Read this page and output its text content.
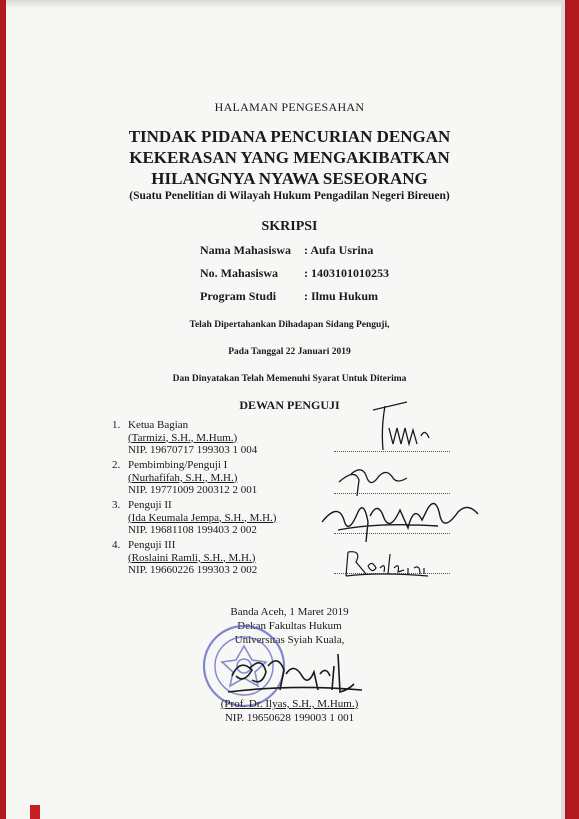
HALAMAN PENGESAHAN
TINDAK PIDANA PENCURIAN DENGAN
KEKERASAN YANG MENGAKIBATKAN
HILANGNYA NYAWA SESEORANG
(Suatu Penelitian di Wilayah Hukum Pengadilan Negeri Bireuen)
SKRIPSI
Nama Mahasiswa : Aufa Usrina
No. Mahasiswa : 1403101010253
Program Studi : Ilmu Hukum
Telah Dipertahankan Dihadapan Sidang Penguji,
Pada Tanggal 22 Januari 2019
Dan Dinyatakan Telah Memenuhi Syarat Untuk Diterima
DEWAN PENGUJI
1. Ketua Bagian
(Tarmizi, S.H., M.Hum.)
NIP. 19670717 199303 1 004
2. Pembimbing/Penguji I
(Nurhafifah, S.H., M.H.)
NIP. 19771009 200312 2 001
3. Penguji II
(Ida Keumala Jempa, S.H., M.H.)
NIP. 19681108 199403 2 002
4. Penguji III
(Roslaini Ramli, S.H., M.H.)
NIP. 19660226 199303 2 002
Banda Aceh, 1 Maret 2019
Dekan Fakultas Hukum
Universitas Syiah Kuala,
(Prof. Dr. Ilyas, S.H., M.Hum.)
NIP. 19650628 199003 1 001
